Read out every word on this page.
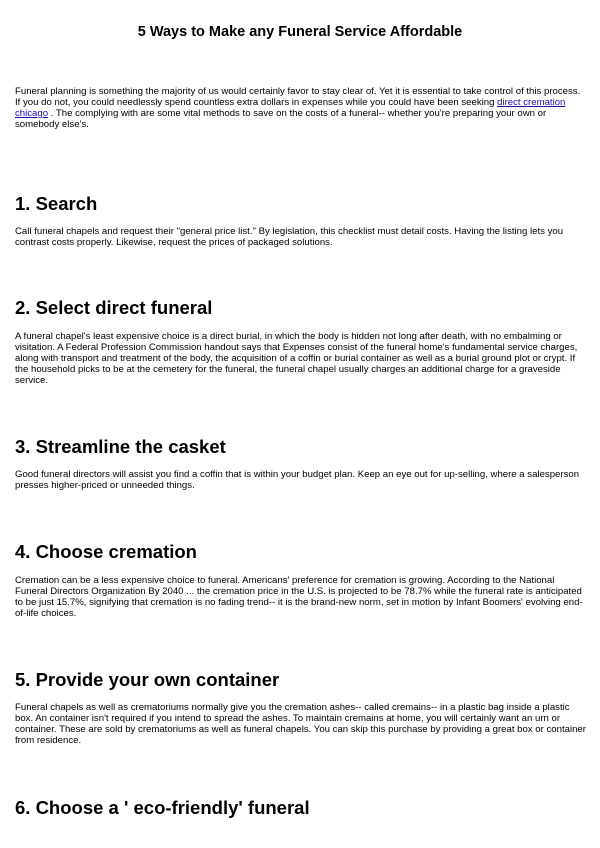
5 Ways to Make any Funeral Service Affordable

Funeral planning is something the majority of us would certainly favor to stay clear of. Yet it is essential to take control of this process. If you do not, you could needlessly spend countless extra dollars in expenses while you could have been seeking direct cremation chicago . The complying with are some vital methods to save on the costs of a funeral-- whether you're preparing your own or somebody else's.

1. Search

Call funeral chapels and request their "general price list." By legislation, this checklist must detail costs. Having the listing lets you contrast costs properly. Likewise, request the prices of packaged solutions.

2. Select direct funeral

A funeral chapel's least expensive choice is a direct burial, in which the body is hidden not long after death, with no embalming or visitation. A Federal Profession Commission handout says that Expenses consist of the funeral home's fundamental service charges, along with transport and treatment of the body, the acquisition of a coffin or burial container as well as a burial ground plot or crypt. If the household picks to be at the cemetery for the funeral, the funeral chapel usually charges an additional charge for a graveside service.

3. Streamline the casket

Good funeral directors will assist you find a coffin that is within your budget plan. Keep an eye out for up-selling, where a salesperson presses higher-priced or unneeded things.

4. Choose cremation

Cremation can be a less expensive choice to funeral. Americans' preference for cremation is growing. According to the National Funeral Directors Organization By 2040 ... the cremation price in the U.S. is projected to be 78.7% while the funeral rate is anticipated to be just 15.7%, signifying that cremation is no fading trend-- it is the brand-new norm, set in motion by Infant Boomers' evolving end-of-life choices.

5. Provide your own container

Funeral chapels as well as crematoriums normally give you the cremation ashes-- called cremains-- in a plastic bag inside a plastic box. An container isn't required if you intend to spread the ashes. To maintain cremains at home, you will certainly want an urn or container. These are sold by crematoriums as well as funeral chapels. You can skip this purchase by providing a great box or container from residence.

6. Choose a ' eco-friendly' funeral
